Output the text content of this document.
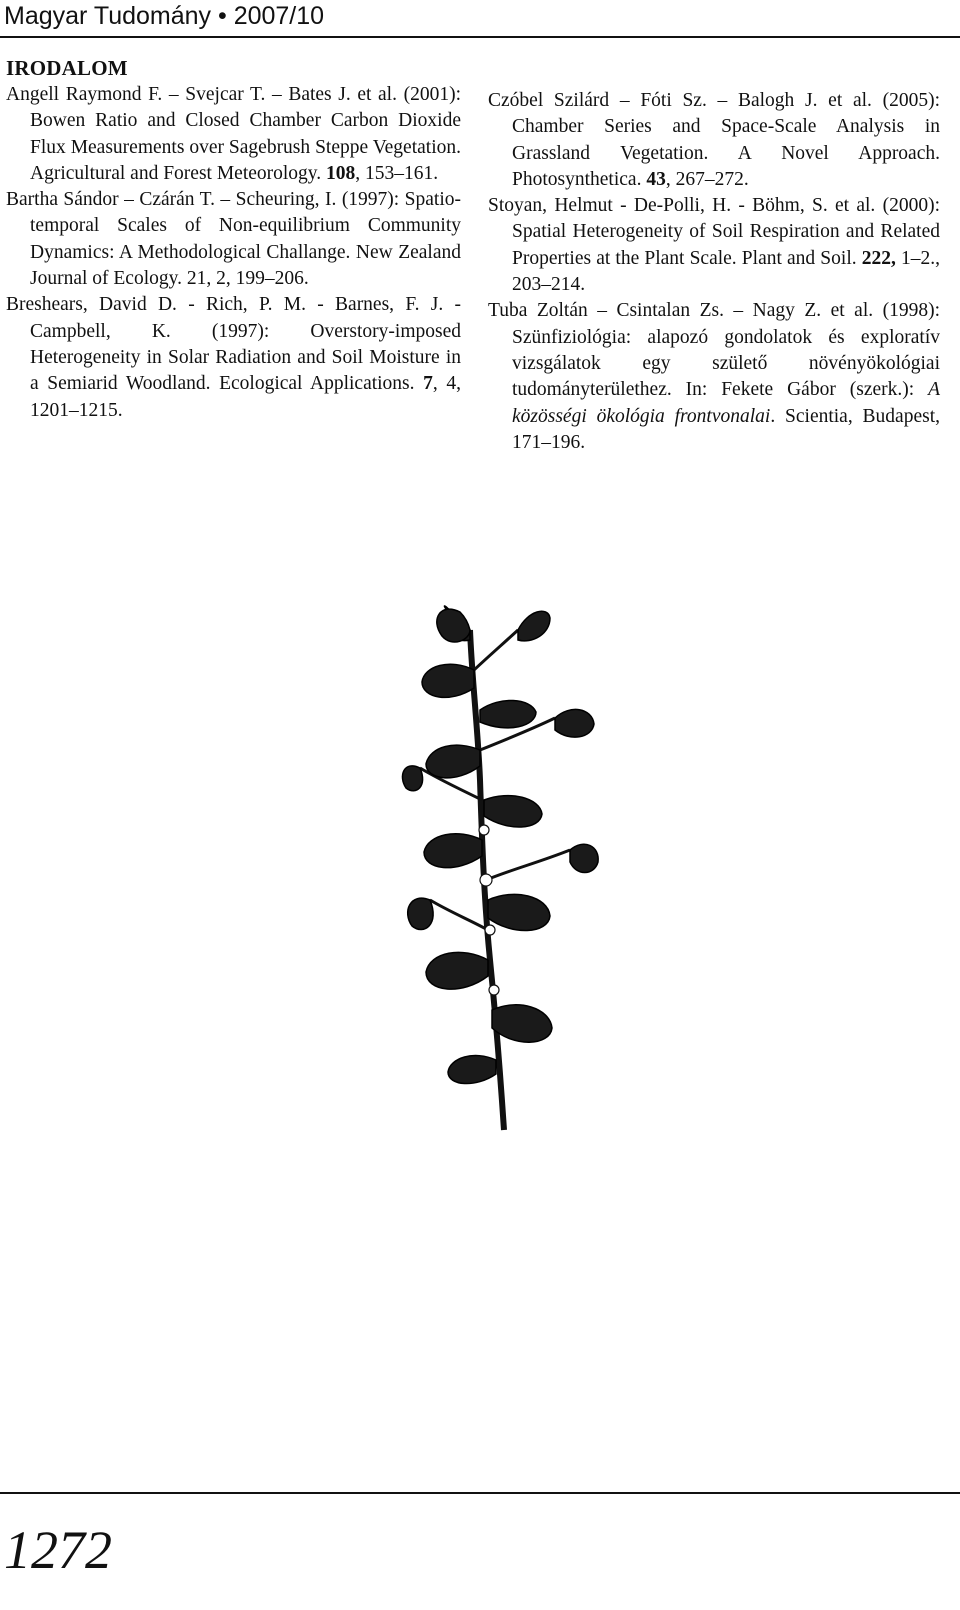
Magyar Tudomány • 2007/10
IRODALOM

Angell Raymond F. – Svejcar T. – Bates J. et al. (2001): Bowen Ratio and Closed Chamber Carbon Dioxide Flux Measurements over Sagebrush Steppe Vegetation. Agricultural and Forest Meteorology. 108, 153–161.

Bartha Sándor – Czárán T. – Scheuring, I. (1997): Spatio-temporal Scales of Non-equilibrium Community Dynamics: A Methodological Challange. New Zealand Journal of Ecology. 21, 2, 199–206.

Breshears, David D. - Rich, P. M. - Barnes, F. J. - Campbell, K. (1997): Overstory-imposed Heterogeneity in Solar Radiation and Soil Moisture in a Semiarid Woodland. Ecological Applications. 7, 4, 1201–1215.

Czóbel Szilárd – Fóti Sz. – Balogh J. et al. (2005): Chamber Series and Space-Scale Analysis in Grassland Vegetation. A Novel Approach. Photosynthetica. 43, 267–272.

Stoyan, Helmut - De-Polli, H. - Böhm, S. et al. (2000): Spatial Heterogeneity of Soil Respiration and Related Properties at the Plant Scale. Plant and Soil. 222, 1–2., 203–214.

Tuba Zoltán – Csintalan Zs. – Nagy Z. et al. (1998): Szünfiziológia: alapozó gondolatok és exploratív vizsgálatok egy születő növényökológiai tudományterülethez. In: Fekete Gábor (szerk.): A közösségi ökológia frontvonalai. Scientia, Budapest, 171–196.

1272
